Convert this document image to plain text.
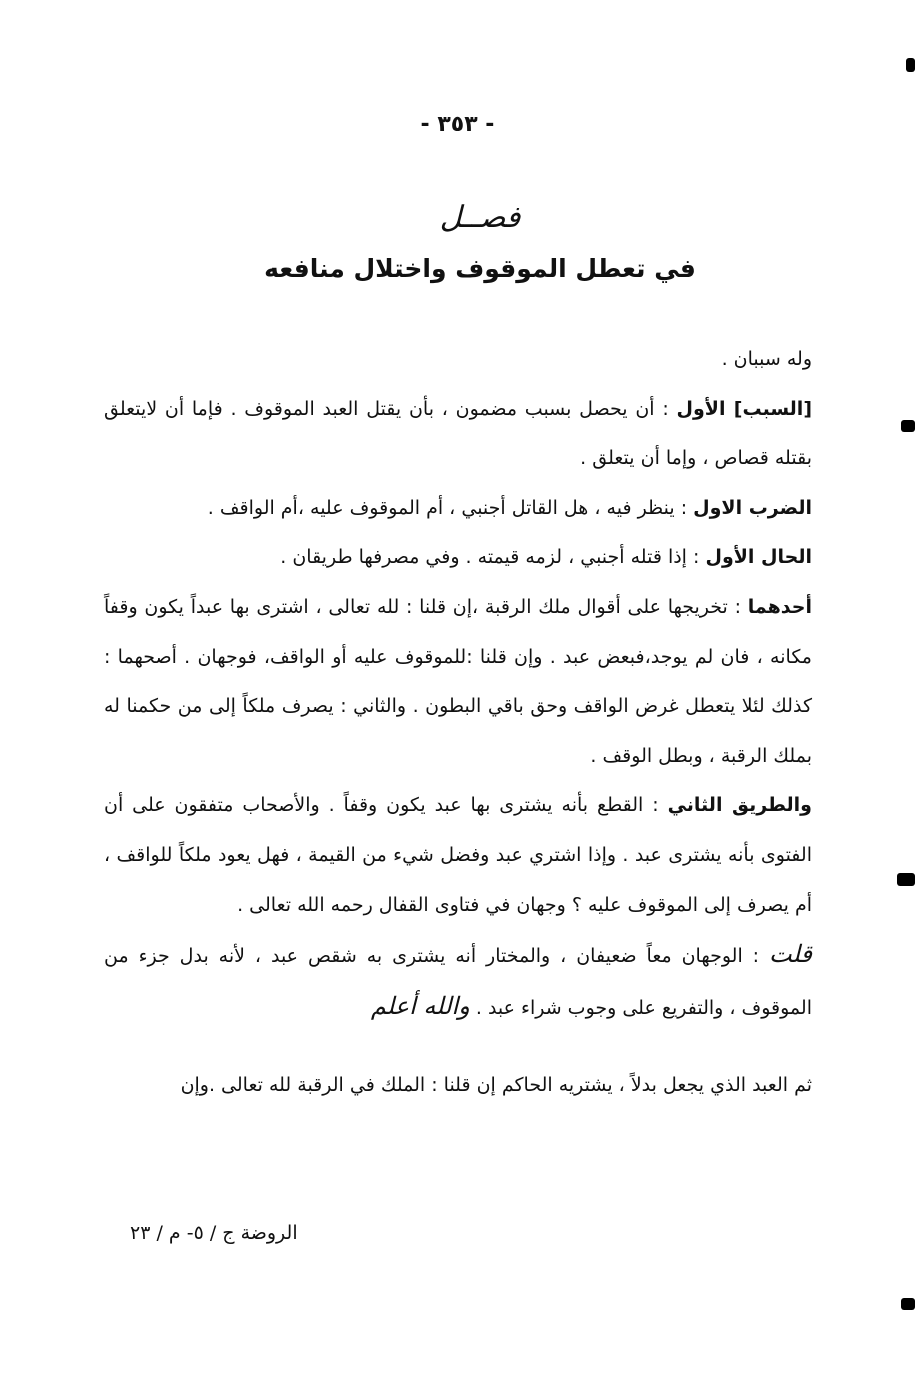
- ٣٥٣ -
فصــل
في تعطل الموقوف واختلال منافعه

وله سببان .

[السبب] الأول : أن يحصل بسبب مضمون ، بأن يقتل العبد الموقوف . فإما أن لايتعلق بقتله قصاص ، وإما أن يتعلق .

الضرب الاول : ينظر فيه ، هل القاتل أجنبي ، أم الموقوف عليه ،أم الواقف .

الحال الأول : إذا قتله أجنبي ، لزمه قيمته . وفي مصرفها طريقان .

أحدهما : تخريجها على أقوال ملك الرقبة ،إن قلنا : لله تعالى ، اشترى بها عبداً يكون وقفاً مكانه ، فان لم يوجد،فبعض عبد . وإن قلنا :للموقوف عليه أو الواقف، فوجهان . أصحهما : كذلك لئلا يتعطل غرض الواقف وحق باقي البطون . والثاني : يصرف ملكاً إلى من حكمنا له بملك الرقبة ، وبطل الوقف .

والطريق الثاني : القطع بأنه يشترى بها عبد يكون وقفاً . والأصحاب متفقون على أن الفتوى بأنه يشترى عبد . وإذا اشتري عبد وفضل شيء من القيمة ، فهل يعود ملكاً للواقف ، أم يصرف إلى الموقوف عليه ؟ وجهان في فتاوى القفال رحمه الله تعالى .

قلت : الوجهان معاً ضعيفان ، والمختار أنه يشترى به شقص عبد ، لأنه بدل جزء من الموقوف ، والتفريع على وجوب شراء عبد . والله أعلم

ثم العبد الذي يجعل بدلاً ، يشتريه الحاكم إن قلنا : الملك في الرقبة لله تعالى .وإن

الروضة ج / ٥- م / ٢٣
